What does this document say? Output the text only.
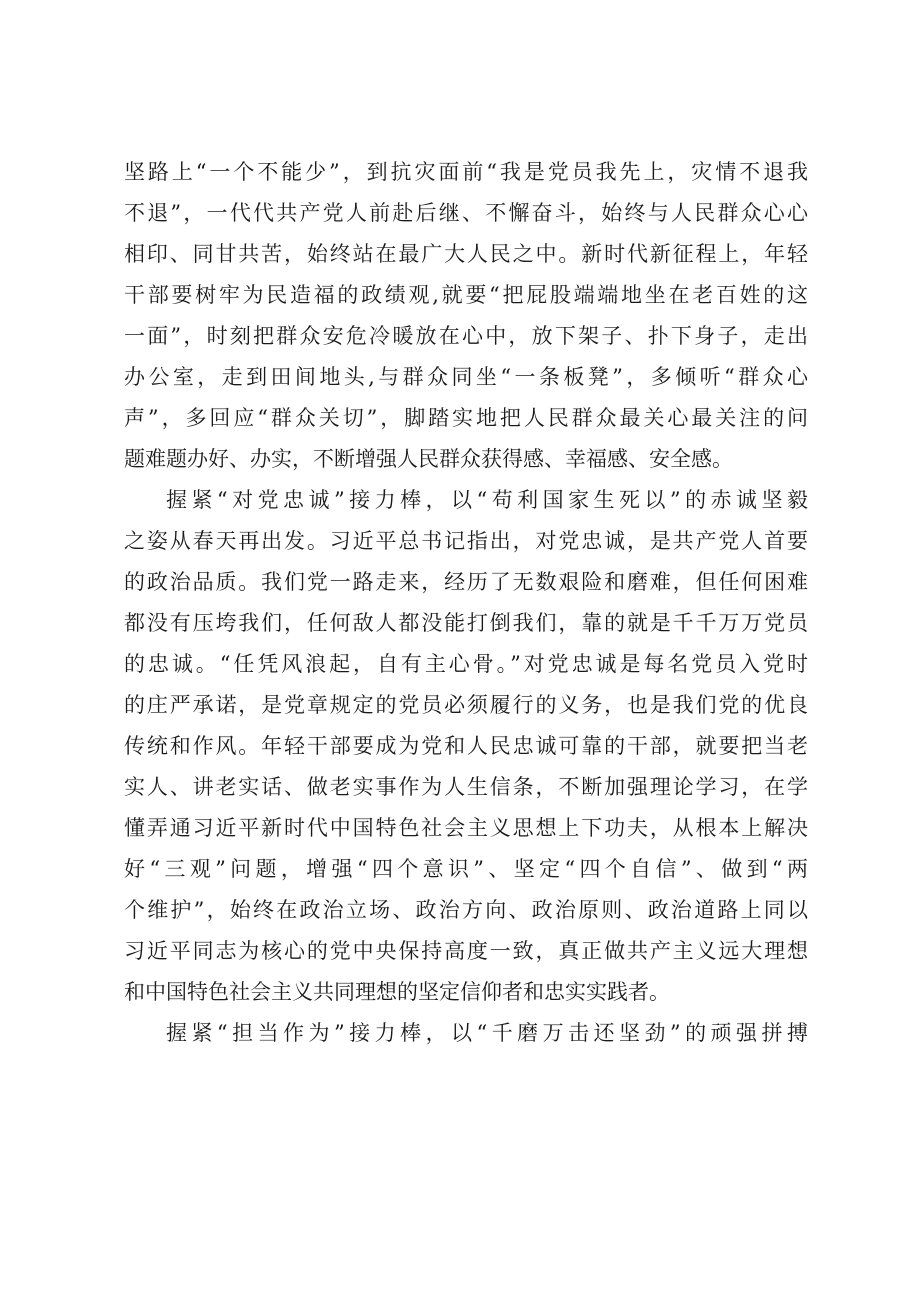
坚路上“一个不能少”，到抗灾面前“我是党员我先上，灾情不退我
不退”，一代代共产党人前赴后继、不懈奋斗，始终与人民群众心心
相印、同甘共苦，始终站在最广大人民之中。新时代新征程上，年轻
干部要树牢为民造福的政绩观,就要“把屁股端端地坐在老百姓的这
一面”，时刻把群众安危冷暖放在心中，放下架子、扑下身子，走出
办公室，走到田间地头,与群众同坐“一条板凳”，多倾听“群众心
声”，多回应“群众关切”，脚踏实地把人民群众最关心最关注的问
题难题办好、办实，不断增强人民群众获得感、幸福感、安全感。
握紧“对党忠诚”接力棒，以“苟利国家生死以”的赤诚坚毅
之姿从春天再出发。习近平总书记指出，对党忠诚，是共产党人首要
的政治品质。我们党一路走来，经历了无数艰险和磨难，但任何困难
都没有压垮我们，任何敌人都没能打倒我们，靠的就是千千万万党员
的忠诚。“任凭风浪起，自有主心骨。”对党忠诚是每名党员入党时
的庄严承诺，是党章规定的党员必须履行的义务，也是我们党的优良
传统和作风。年轻干部要成为党和人民忠诚可靠的干部，就要把当老
实人、讲老实话、做老实事作为人生信条，不断加强理论学习，在学
懂弄通习近平新时代中国特色社会主义思想上下功夫，从根本上解决
好“三观”问题，增强“四个意识”、坚定“四个自信”、做到“两
个维护”，始终在政治立场、政治方向、政治原则、政治道路上同以
习近平同志为核心的党中央保持高度一致，真正做共产主义远大理想
和中国特色社会主义共同理想的坚定信仰者和忠实实践者。
握紧“担当作为”接力棒，以“千磨万击还坚劲”的顽强拼搏
